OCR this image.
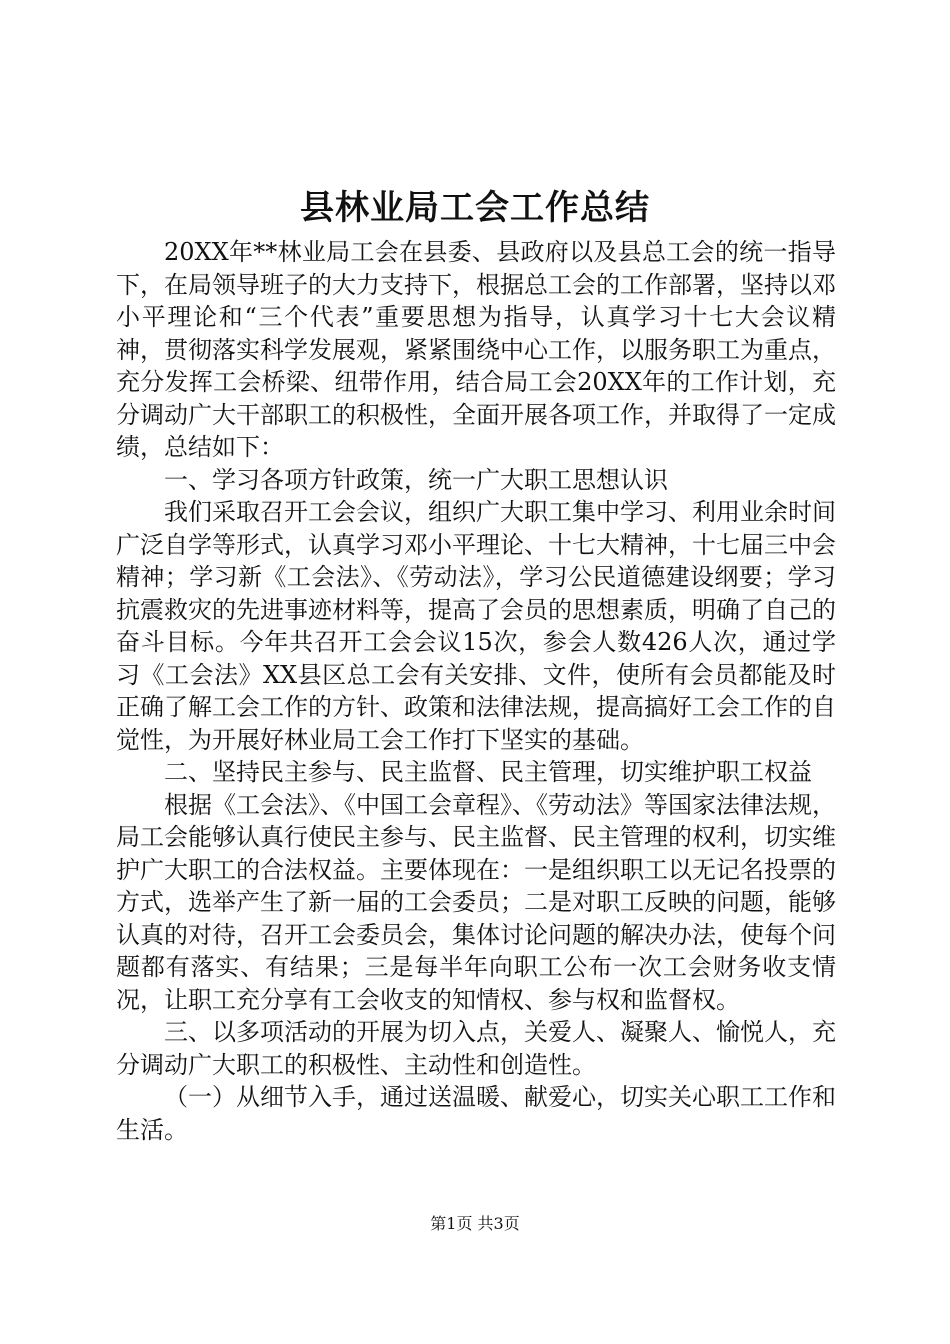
县林业局工会工作总结

20XX年**林业局工会在县委、县政府以及县总工会的统一指导下，在局领导班子的大力支持下，根据总工会的工作部署，坚持以邓小平理论和“三个代表”重要思想为指导，认真学习十七大会议精神，贯彻落实科学发展观，紧紧围绕中心工作，以服务职工为重点，充分发挥工会桥梁、纽带作用，结合局工会20XX年的工作计划，充分调动广大干部职工的积极性，全面开展各项工作，并取得了一定成绩，总结如下：

一、学习各项方针政策，统一广大职工思想认识

我们采取召开工会会议，组织广大职工集中学习、利用业余时间广泛自学等形式，认真学习邓小平理论、十七大精神，十七届三中会精神；学习新《工会法》、《劳动法》，学习公民道德建设纲要；学习抗震救灾的先进事迹材料等，提高了会员的思想素质，明确了自己的奋斗目标。今年共召开工会会议15次，参会人数426人次，通过学习《工会法》XX县区总工会有关安排、文件，使所有会员都能及时正确了解工会工作的方针、政策和法律法规，提高搞好工会工作的自觉性，为开展好林业局工会工作打下坚实的基础。

二、坚持民主参与、民主监督、民主管理，切实维护职工权益

根据《工会法》、《中国工会章程》、《劳动法》等国家法律法规，局工会能够认真行使民主参与、民主监督、民主管理的权利，切实维护广大职工的合法权益。主要体现在：一是组织职工以无记名投票的方式，选举产生了新一届的工会委员；二是对职工反映的问题，能够认真的对待，召开工会委员会，集体讨论问题的解决办法，使每个问题都有落实、有结果；三是每半年向职工公布一次工会财务收支情况，让职工充分享有工会收支的知情权、参与权和监督权。

三、以多项活动的开展为切入点，关爱人、凝聚人、愉悦人，充分调动广大职工的积极性、主动性和创造性。

（一）从细节入手，通过送温暖、献爱心，切实关心职工工作和生活。

第1页 共3页
